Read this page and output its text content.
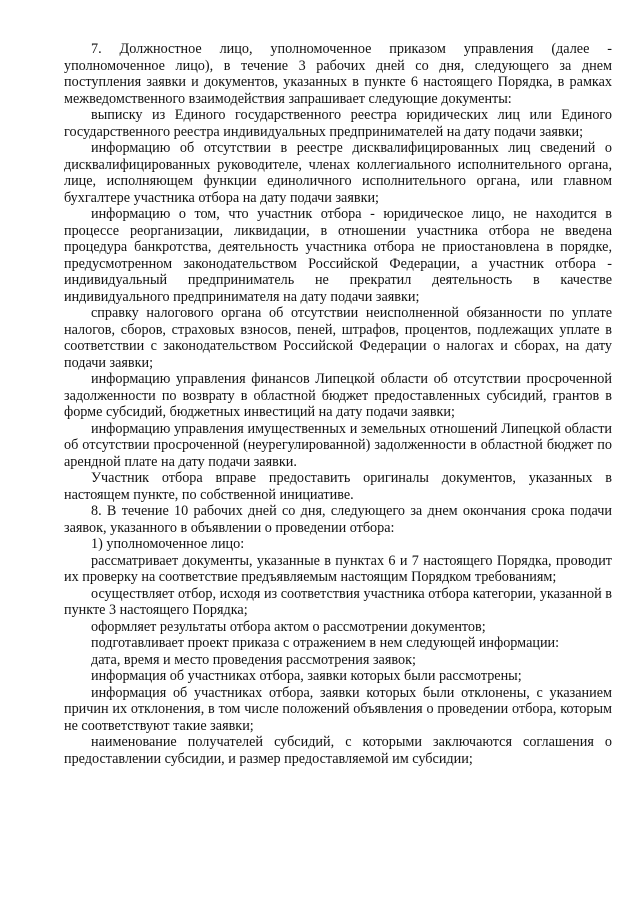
7. Должностное лицо, уполномоченное приказом управления (далее - уполномоченное лицо), в течение 3 рабочих дней со дня, следующего за днем поступления заявки и документов, указанных в пункте 6 настоящего Порядка, в рамках межведомственного взаимодействия запрашивает следующие документы:

выписку из Единого государственного реестра юридических лиц или Единого государственного реестра индивидуальных предпринимателей на дату подачи заявки;

информацию об отсутствии в реестре дисквалифицированных лиц сведений о дисквалифицированных руководителе, членах коллегиального исполнительного органа, лице, исполняющем функции единоличного исполнительного органа, или главном бухгалтере участника отбора на дату подачи заявки;

информацию о том, что участник отбора - юридическое лицо, не находится в процессе реорганизации, ликвидации, в отношении участника отбора не введена процедура банкротства, деятельность участника отбора не приостановлена в порядке, предусмотренном законодательством Российской Федерации, а участник отбора - индивидуальный предприниматель не прекратил деятельность в качестве индивидуального предпринимателя на дату подачи заявки;

справку налогового органа об отсутствии неисполненной обязанности по уплате налогов, сборов, страховых взносов, пеней, штрафов, процентов, подлежащих уплате в соответствии с законодательством Российской Федерации о налогах и сборах, на дату подачи заявки;

информацию управления финансов Липецкой области об отсутствии просроченной задолженности по возврату в областной бюджет предоставленных субсидий, грантов в форме субсидий, бюджетных инвестиций на дату подачи заявки;

информацию управления имущественных и земельных отношений Липецкой области об отсутствии просроченной (неурегулированной) задолженности в областной бюджет по арендной плате на дату подачи заявки.

Участник отбора вправе предоставить оригиналы документов, указанных в настоящем пункте, по собственной инициативе.

8. В течение 10 рабочих дней со дня, следующего за днем окончания срока подачи заявок, указанного в объявлении о проведении отбора:

1) уполномоченное лицо:

рассматривает документы, указанные в пунктах 6 и 7 настоящего Порядка, проводит их проверку на соответствие предъявляемым настоящим Порядком требованиям;

осуществляет отбор, исходя из соответствия участника отбора категории, указанной в пункте 3 настоящего Порядка;

оформляет результаты отбора актом о рассмотрении документов;

подготавливает проект приказа с отражением в нем следующей информации:

дата, время и место проведения рассмотрения заявок;

информация об участниках отбора, заявки которых были рассмотрены;

информация об участниках отбора, заявки которых были отклонены, с указанием причин их отклонения, в том числе положений объявления о проведении отбора, которым не соответствуют такие заявки;

наименование получателей субсидий, с которыми заключаются соглашения о предоставлении субсидии, и размер предоставляемой им субсидии;
